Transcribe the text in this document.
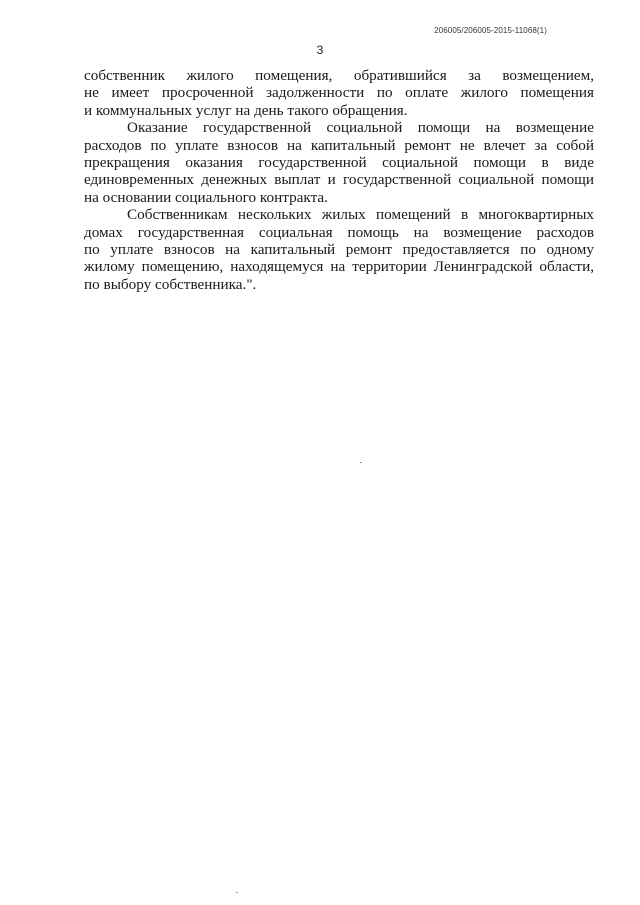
206005/206005-2015-11068(1)
3

собственник жилого помещения, обратившийся за возмещением,
не имеет просроченной задолженности по оплате жилого помещения
и коммунальных услуг на день такого обращения.

Оказание государственной социальной помощи на возмещение
расходов по уплате взносов на капитальный ремонт не влечет за собой
прекращения оказания государственной социальной помощи в виде
единовременных денежных выплат и государственной социальной помощи
на основании социального контракта.

Собственникам нескольких жилых помещений в многоквартирных
домах государственная социальная помощь на возмещение расходов
по уплате взносов на капитальный ремонт предоставляется по одному
жилому помещению, находящемуся на территории Ленинградской области,
по выбору собственника.".
